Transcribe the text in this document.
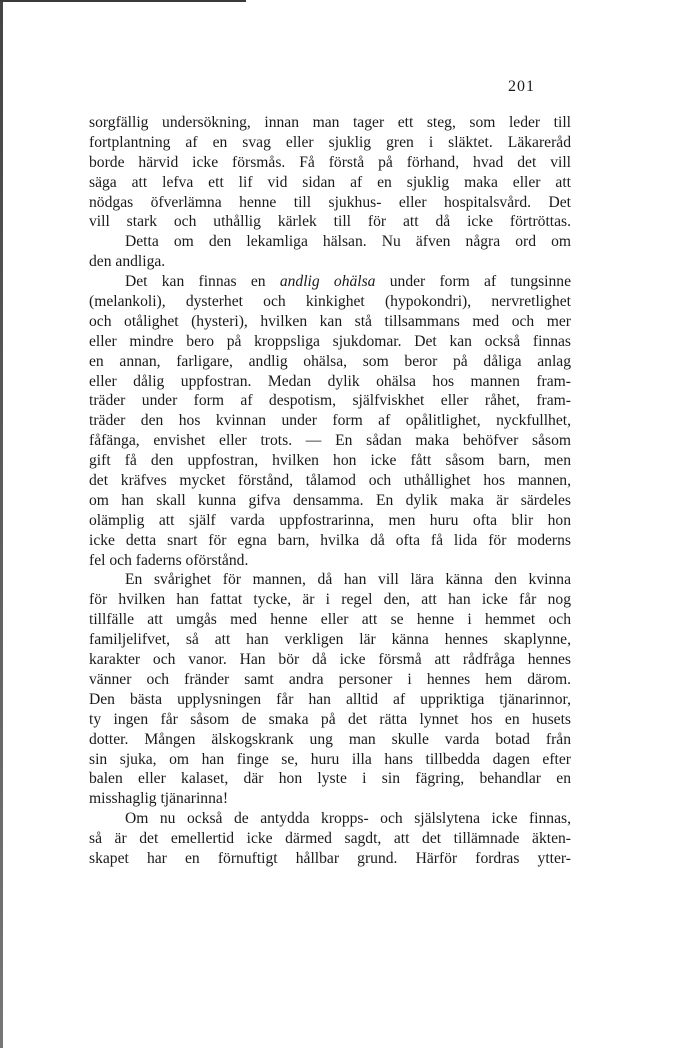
201
sorgfällig undersökning, innan man tager ett steg, som leder till
fortplantning af en svag eller sjuklig gren i släktet. Läkareråd
borde härvid icke försmås. Få förstå på förhand, hvad det vill
säga att lefva ett lif vid sidan af en sjuklig maka eller att
nödgas öfverlämna henne till sjukhus- eller hospitalsvård. Det
vill stark och uthållig kärlek till för att då icke förtröttas.
Detta om den lekamliga hälsan. Nu äfven några ord om
den andliga.
Det kan finnas en andlig ohälsa under form af tungsinne
(melankoli), dysterhet och kinkighet (hypokondri), nervretlighet
och otålighet (hysteri), hvilken kan stå tillsammans med och mer
eller mindre bero på kroppsliga sjukdomar. Det kan också finnas
en annan, farligare, andlig ohälsa, som beror på dåliga anlag
eller dålig uppfostran. Medan dylik ohälsa hos mannen fram-
träder under form af despotism, själfviskhet eller råhet, fram-
träder den hos kvinnan under form af opålitlighet, nyckfullhet,
fåfänga, envishet eller trots. — En sådan maka behöfver såsom
gift få den uppfostran, hvilken hon icke fått såsom barn, men
det kräfves mycket förstånd, tålamod och uthållighet hos mannen,
om han skall kunna gifva densamma. En dylik maka är särdeles
olämplig att själf varda uppfostrarinna, men huru ofta blir hon
icke detta snart för egna barn, hvilka då ofta få lida för moderns
fel och faderns oförstånd.
En svårighet för mannen, då han vill lära känna den kvinna
för hvilken han fattat tycke, är i regel den, att han icke får nog
tillfälle att umgås med henne eller att se henne i hemmet och
familjelifvet, så att han verkligen lär känna hennes skaplynne,
karakter och vanor. Han bör då icke försmå att rådfråga hennes
vänner och fränder samt andra personer i hennes hem därom.
Den bästa upplysningen får han alltid af uppriktiga tjänarinnor,
ty ingen får såsom de smaka på det rätta lynnet hos en husets
dotter. Mången älskogskrank ung man skulle varda botad från
sin sjuka, om han finge se, huru illa hans tillbedda dagen efter
balen eller kalaset, där hon lyste i sin fägring, behandlar en
misshaglig tjänarinna!
Om nu också de antydda kropps- och själslytena icke finnas,
så är det emellertid icke därmed sagdt, att det tillämnade äkten-
skapet har en förnuftigt hållbar grund. Härför fordras ytter-
